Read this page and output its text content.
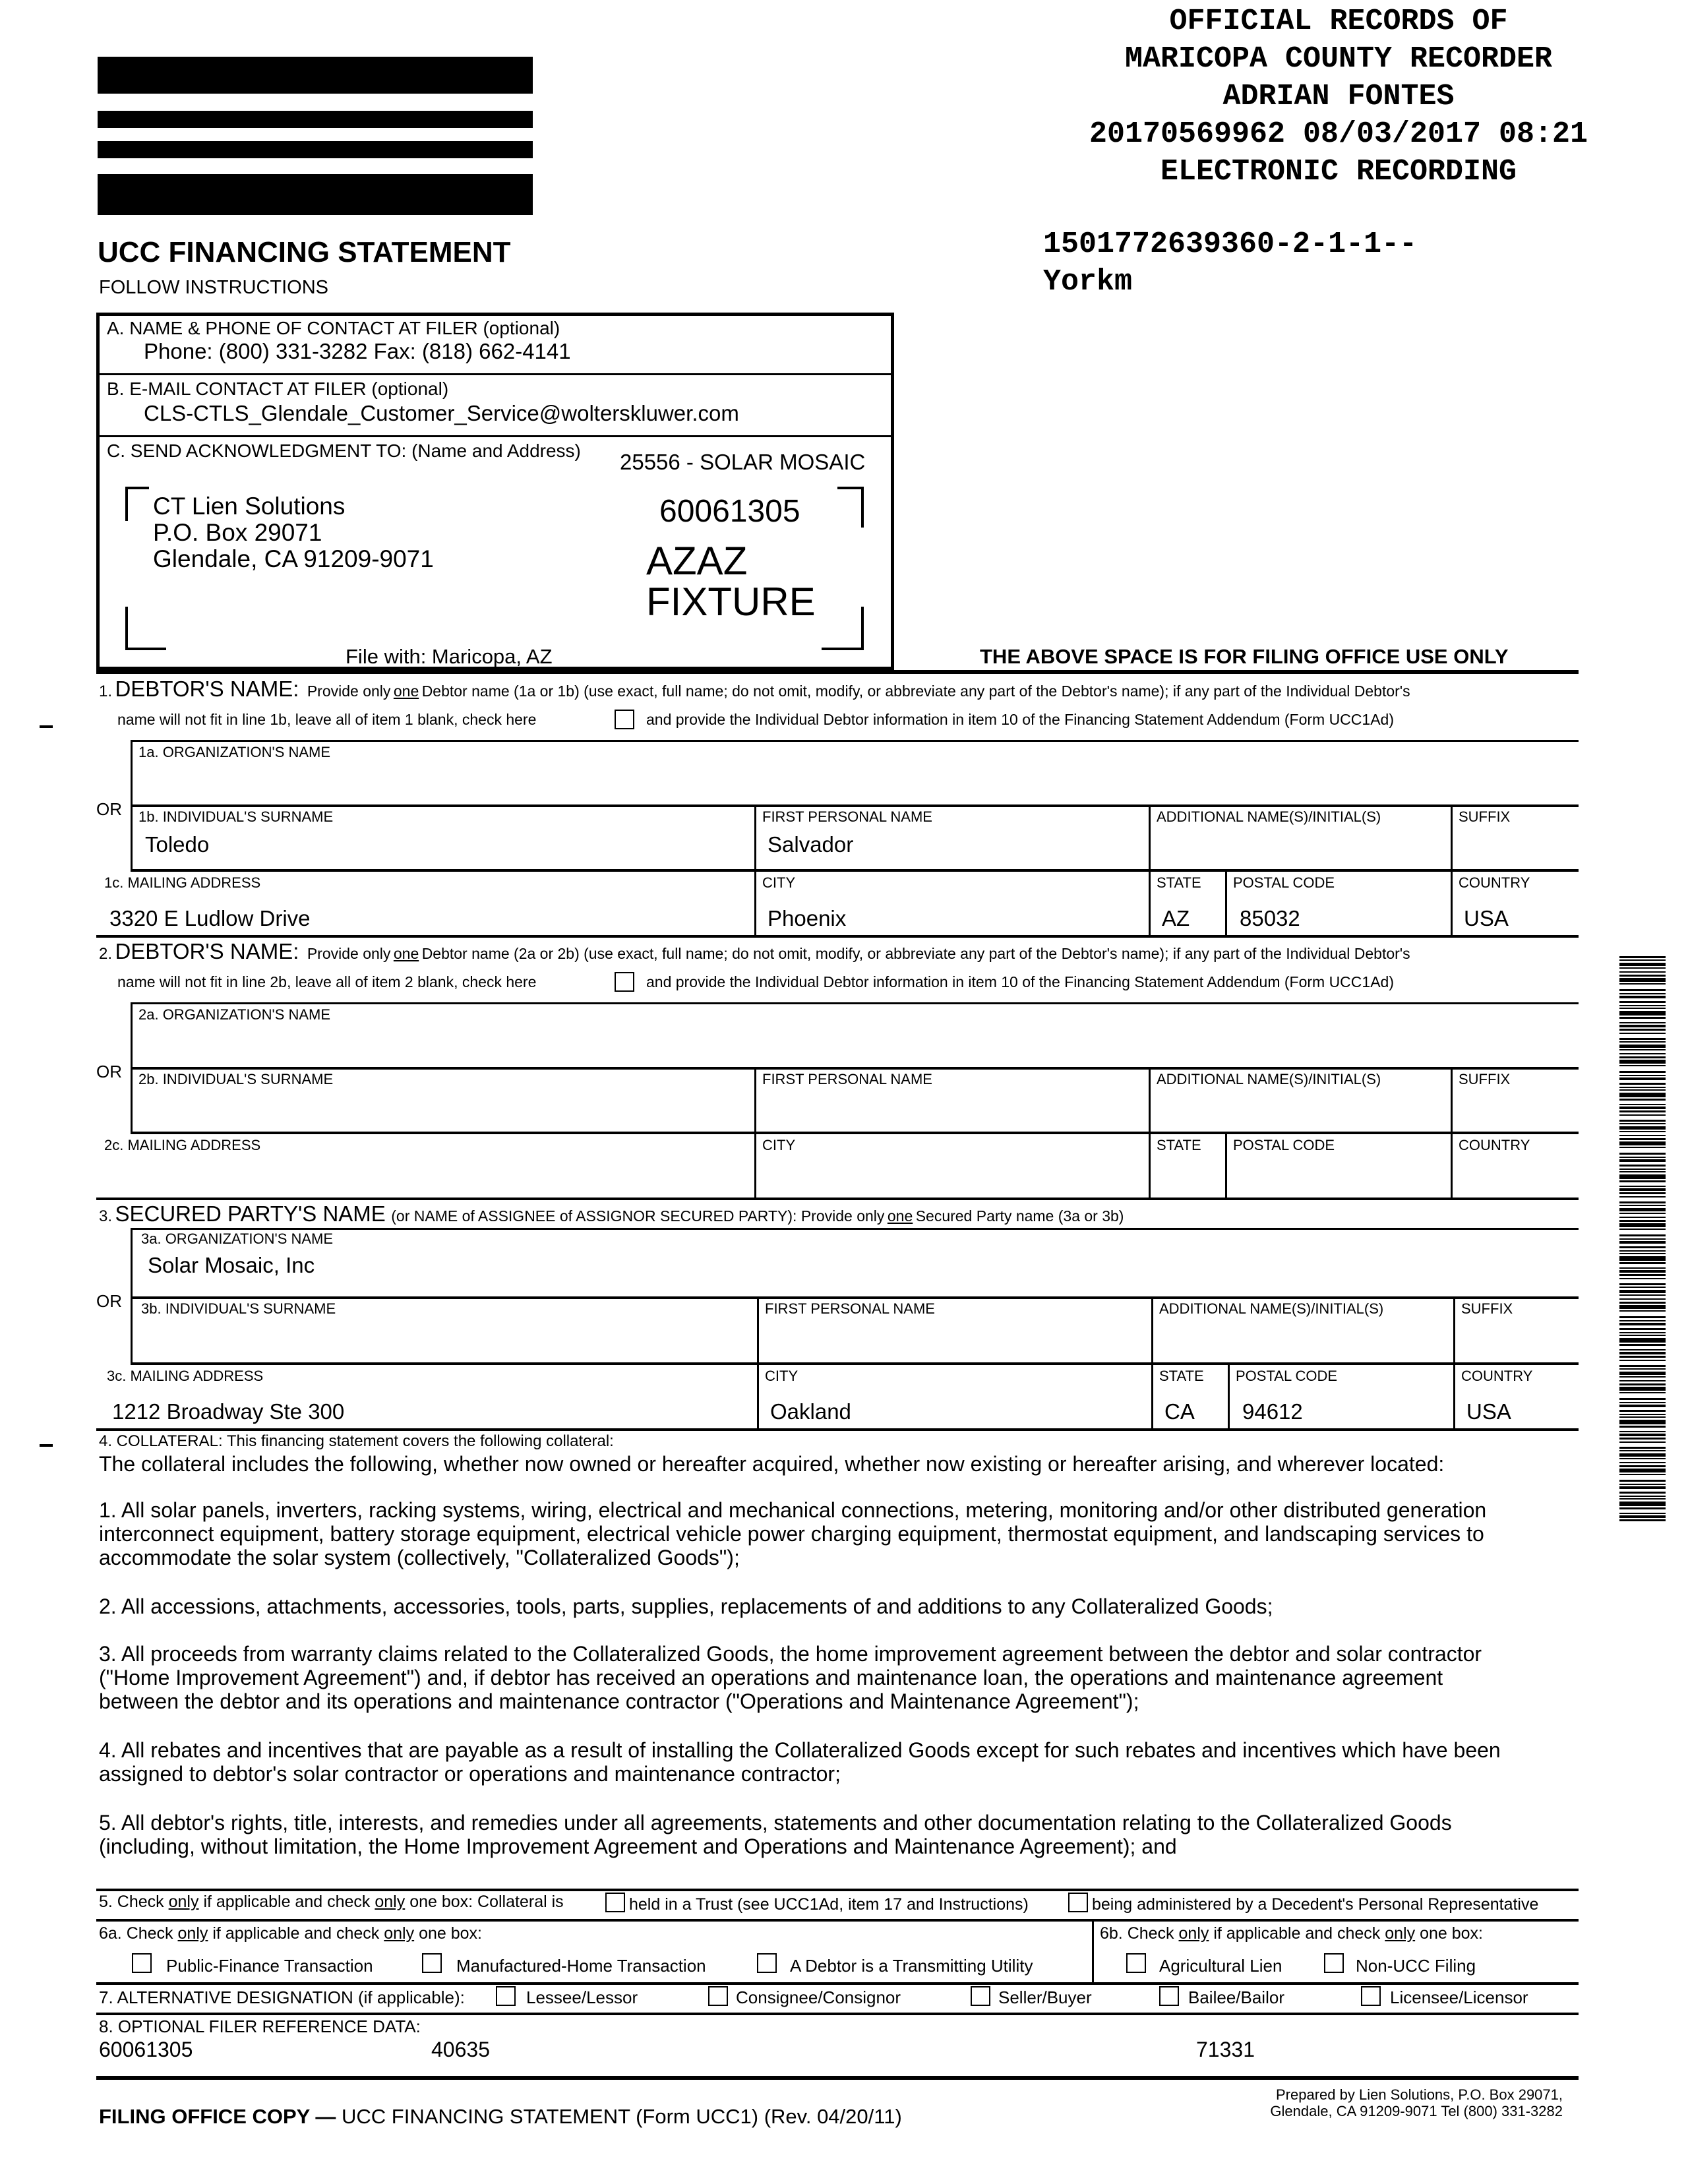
OFFICIAL RECORDS OF
MARICOPA COUNTY RECORDER
ADRIAN FONTES
20170569962 08/03/2017 08:21
ELECTRONIC RECORDING
1501772639360-2-1-1--
Yorkm
UCC FINANCING STATEMENT
FOLLOW INSTRUCTIONS
A. NAME & PHONE OF CONTACT AT FILER (optional)
Phone: (800) 331-3282 Fax: (818) 662-4141
B. E-MAIL CONTACT AT FILER (optional)
CLS-CTLS_Glendale_Customer_Service@wolterskluwer.com
C. SEND ACKNOWLEDGMENT TO: (Name and Address) 25556 - SOLAR MOSAIC
CT Lien Solutions
P.O. Box 29071
Glendale, CA 91209-9071
60061305
AZAZ
FIXTURE
File with: Maricopa, AZ	THE ABOVE SPACE IS FOR FILING OFFICE USE ONLY
1. DEBTOR'S NAME: Provide only one Debtor name (1a or 1b) (use exact, full name; do not omit, modify, or abbreviate any part of the Debtor's name); if any part of the Individual Debtor's
name will not fit in line 1b, leave all of item 1 blank, check here	and provide the Individual Debtor information in item 10 of the Financing Statement Addendum (Form UCC1Ad)
1a. ORGANIZATION'S NAME
OR 1b. INDIVIDUAL'S SURNAME
Toledo
FIRST PERSONAL NAME
Salvador
ADDITIONAL NAME(S)/INITIAL(S)	SUFFIX
1c. MAILING ADDRESS
3320 E Ludlow Drive
CITY
Phoenix
STATE
AZ
POSTAL CODE
85032
COUNTRY
USA
2. DEBTOR'S NAME: Provide only one Debtor name (2a or 2b) (use exact, full name; do not omit, modify, or abbreviate any part of the Debtor's name); if any part of the Individual Debtor's
name will not fit in line 2b, leave all of item 2 blank, check here	and provide the Individual Debtor information in item 10 of the Financing Statement Addendum (Form UCC1Ad)
2a. ORGANIZATION'S NAME
OR 2b. INDIVIDUAL'S SURNAME	FIRST PERSONAL NAME	ADDITIONAL NAME(S)/INITIAL(S)	SUFFIX
2c. MAILING ADDRESS	CITY	STATE POSTAL CODE	COUNTRY
3. SECURED PARTY'S NAME (or NAME of ASSIGNEE of ASSIGNOR SECURED PARTY): Provide only one Secured Party name (3a or 3b)
3a. ORGANIZATION'S NAME
Solar Mosaic, Inc
OR 3b. INDIVIDUAL'S SURNAME	FIRST PERSONAL NAME	ADDITIONAL NAME(S)/INITIAL(S)	SUFFIX
3c. MAILING ADDRESS
1212 Broadway Ste 300
CITY
Oakland
STATE
CA
POSTAL CODE
94612
COUNTRY
USA
4. COLLATERAL: This financing statement covers the following collateral:
The collateral includes the following, whether now owned or hereafter acquired, whether now existing or hereafter arising, and wherever located:
1. All solar panels, inverters, racking systems, wiring, electrical and mechanical connections, metering, monitoring and/or other distributed generation
interconnect equipment, battery storage equipment, electrical vehicle power charging equipment, thermostat equipment, and landscaping services to
accommodate the solar system (collectively, "Collateralized Goods");
2. All accessions, attachments, accessories, tools, parts, supplies, replacements of and additions to any Collateralized Goods;
3. All proceeds from warranty claims related to the Collateralized Goods, the home improvement agreement between the debtor and solar contractor
("Home Improvement Agreement") and, if debtor has received an operations and maintenance loan, the operations and maintenance agreement
between the debtor and its operations and maintenance contractor ("Operations and Maintenance Agreement");
4. All rebates and incentives that are payable as a result of installing the Collateralized Goods except for such rebates and incentives which have been
assigned to debtor's solar contractor or operations and maintenance contractor;
5. All debtor's rights, title, interests, and remedies under all agreements, statements and other documentation relating to the Collateralized Goods
(including, without limitation, the Home Improvement Agreement and Operations and Maintenance Agreement); and
5. Check only if applicable and check only one box: Collateral is	held in a Trust (see UCC1Ad, item 17 and Instructions)	being administered by a Decedent's Personal Representative
6a. Check only if applicable and check only one box:	6b. Check only if applicable and check only one box:
Public-Finance Transaction	Manufactured-Home Transaction	A Debtor is a Transmitting Utility	Agricultural Lien	Non-UCC Filing
7. ALTERNATIVE DESIGNATION (if applicable):	Lessee/Lessor	Consignee/Consignor	Seller/Buyer	Bailee/Bailor	Licensee/Licensor
8. OPTIONAL FILER REFERENCE DATA:
60061305	40635	71331
FILING OFFICE COPY — UCC FINANCING STATEMENT (Form UCC1) (Rev. 04/20/11)
Prepared by Lien Solutions, P.O. Box 29071,
Glendale, CA 91209-9071 Tel (800) 331-3282
